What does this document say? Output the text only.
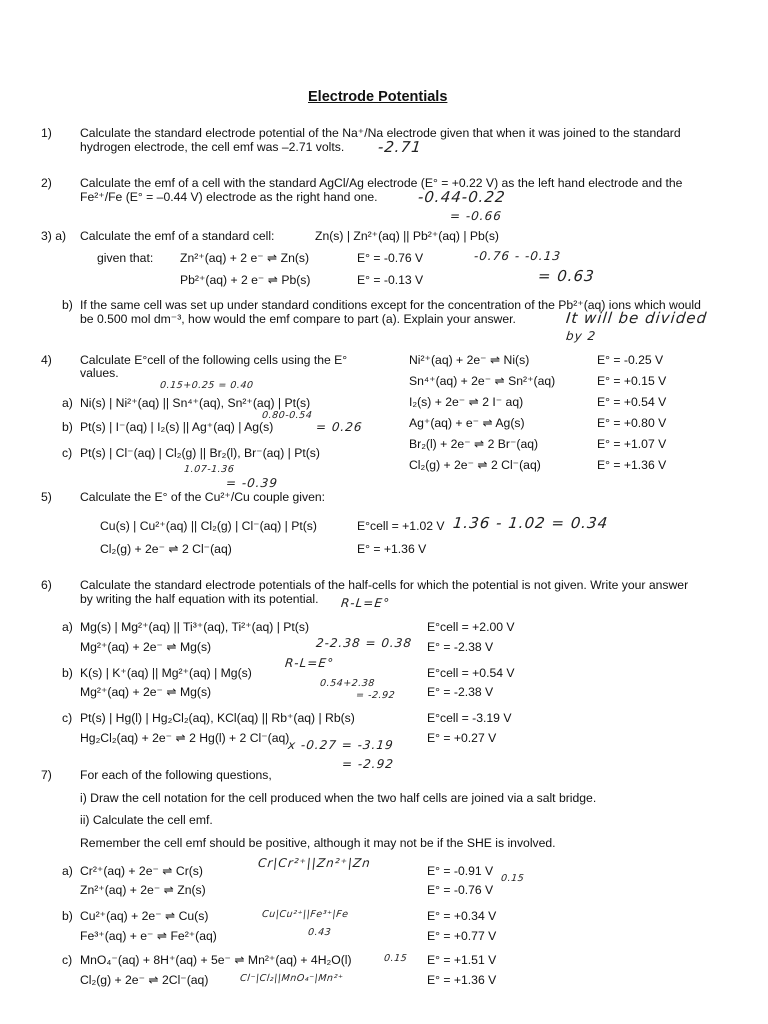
Electrode Potentials
1) Calculate the standard electrode potential of the Na⁺/Na electrode given that when it was joined to the standard
hydrogen electrode, the cell emf was –2.71 volts. -2.71
2) Calculate the emf of a cell with the standard AgCl/Ag electrode (E° = +0.22 V) as the left hand electrode and the
Fe²⁺/Fe (E° = –0.44 V) electrode as the right hand one.	-0.44-0.22
= -0.66
3) a) Calculate the emf of a standard cell:	Zn(s) | Zn²⁺(aq) || Pb²⁺(aq) | Pb(s)
given that: Zn²⁺(aq) + 2 e⁻ ⇌ Zn(s)	E° = -0.76 V
Pb²⁺(aq) + 2 e⁻ ⇌ Pb(s)	E° = -0.13 V
-0.76 - -0.13
= 0.63
b) If the same cell was set up under standard conditions except for the concentration of the Pb²⁺(aq) ions which would
be 0.500 mol dm⁻³, how would the emf compare to part (a). Explain your answer.	It will be divided
by 2
4) Calculate E°cell of the following cells using the E°
values.
0.15+0.25 = 0.40
a) Ni(s) | Ni²⁺(aq) || Sn⁴⁺(aq), Sn²⁺(aq) | Pt(s)
0.80-0.54
b) Pt(s) | I⁻(aq) | I₂(s) || Ag⁺(aq) | Ag(s)	= 0.26
c) Pt(s) | Cl⁻(aq) | Cl₂(g) || Br₂(l), Br⁻(aq) | Pt(s)
1.07-1.36
= -0.39
Ni²⁺(aq) + 2e⁻ ⇌ Ni(s)	E° = -0.25 V
Sn⁴⁺(aq) + 2e⁻ ⇌ Sn²⁺(aq)	E° = +0.15 V
I₂(s) + 2e⁻ ⇌ 2 I⁻ aq)	E° = +0.54 V
Ag⁺(aq) + e⁻ ⇌ Ag(s)	E° = +0.80 V
Br₂(l) + 2e⁻ ⇌ 2 Br⁻(aq)	E° = +1.07 V
Cl₂(g) + 2e⁻ ⇌ 2 Cl⁻(aq)	E° = +1.36 V
5) Calculate the E° of the Cu²⁺/Cu couple given:
Cu(s) | Cu²⁺(aq) || Cl₂(g) | Cl⁻(aq) | Pt(s)	E°cell = +1.02 V 1.36 - 1.02 = 0.34
Cl₂(g) + 2e⁻ ⇌ 2 Cl⁻(aq)	E° = +1.36 V
6) Calculate the standard electrode potentials of the half-cells for which the potential is not given. Write your answer
by writing the half equation with its potential. R-L=E°
a) Mg(s) | Mg²⁺(aq) || Ti³⁺(aq), Ti²⁺(aq) | Pt(s)	E°cell = +2.00 V
Mg²⁺(aq) + 2e⁻ ⇌ Mg(s)	E° = -2.38 V
2-2.38 = 0.38
b) K(s) | K⁺(aq) || Mg²⁺(aq) | Mg(s)	E°cell = +0.54 V
R-L=E°
Mg²⁺(aq) + 2e⁻ ⇌ Mg(s)	E° = -2.38 V
0.54+2.38
= -2.92
c) Pt(s) | Hg(l) | Hg₂Cl₂(aq), KCl(aq) || Rb⁺(aq) | Rb(s)	E°cell = -3.19 V
Hg₂Cl₂(aq) + 2e⁻ ⇌ 2 Hg(l) + 2 Cl⁻(aq)	E° = +0.27 V
x -0.27 = -3.19
= -2.92
7) For each of the following questions,
i) Draw the cell notation for the cell produced when the two half cells are joined via a salt bridge.
ii) Calculate the cell emf.
Remember the cell emf should be positive, although it may not be if the SHE is involved.
a) Cr²⁺(aq) + 2e⁻ ⇌ Cr(s)	E° = -0.91 V
Zn²⁺(aq) + 2e⁻ ⇌ Zn(s)	E° = -0.76 V
Cr|Cr²⁺||Zn²⁺|Zn
0.15
b) Cu²⁺(aq) + 2e⁻ ⇌ Cu(s)	E° = +0.34 V
Fe³⁺(aq) + e⁻ ⇌ Fe²⁺(aq)	E° = +0.77 V
Cu|Cu²⁺||Fe³⁺|Fe
0.43
c) MnO₄⁻(aq) + 8H⁺(aq) + 5e⁻ ⇌ Mn²⁺(aq) + 4H₂O(l)	E° = +1.51 V
0.15
Cl₂(g) + 2e⁻ ⇌ 2Cl⁻(aq)	E° = +1.36 V
Cl⁻|Cl₂||MnO₄⁻|Mn²⁺
